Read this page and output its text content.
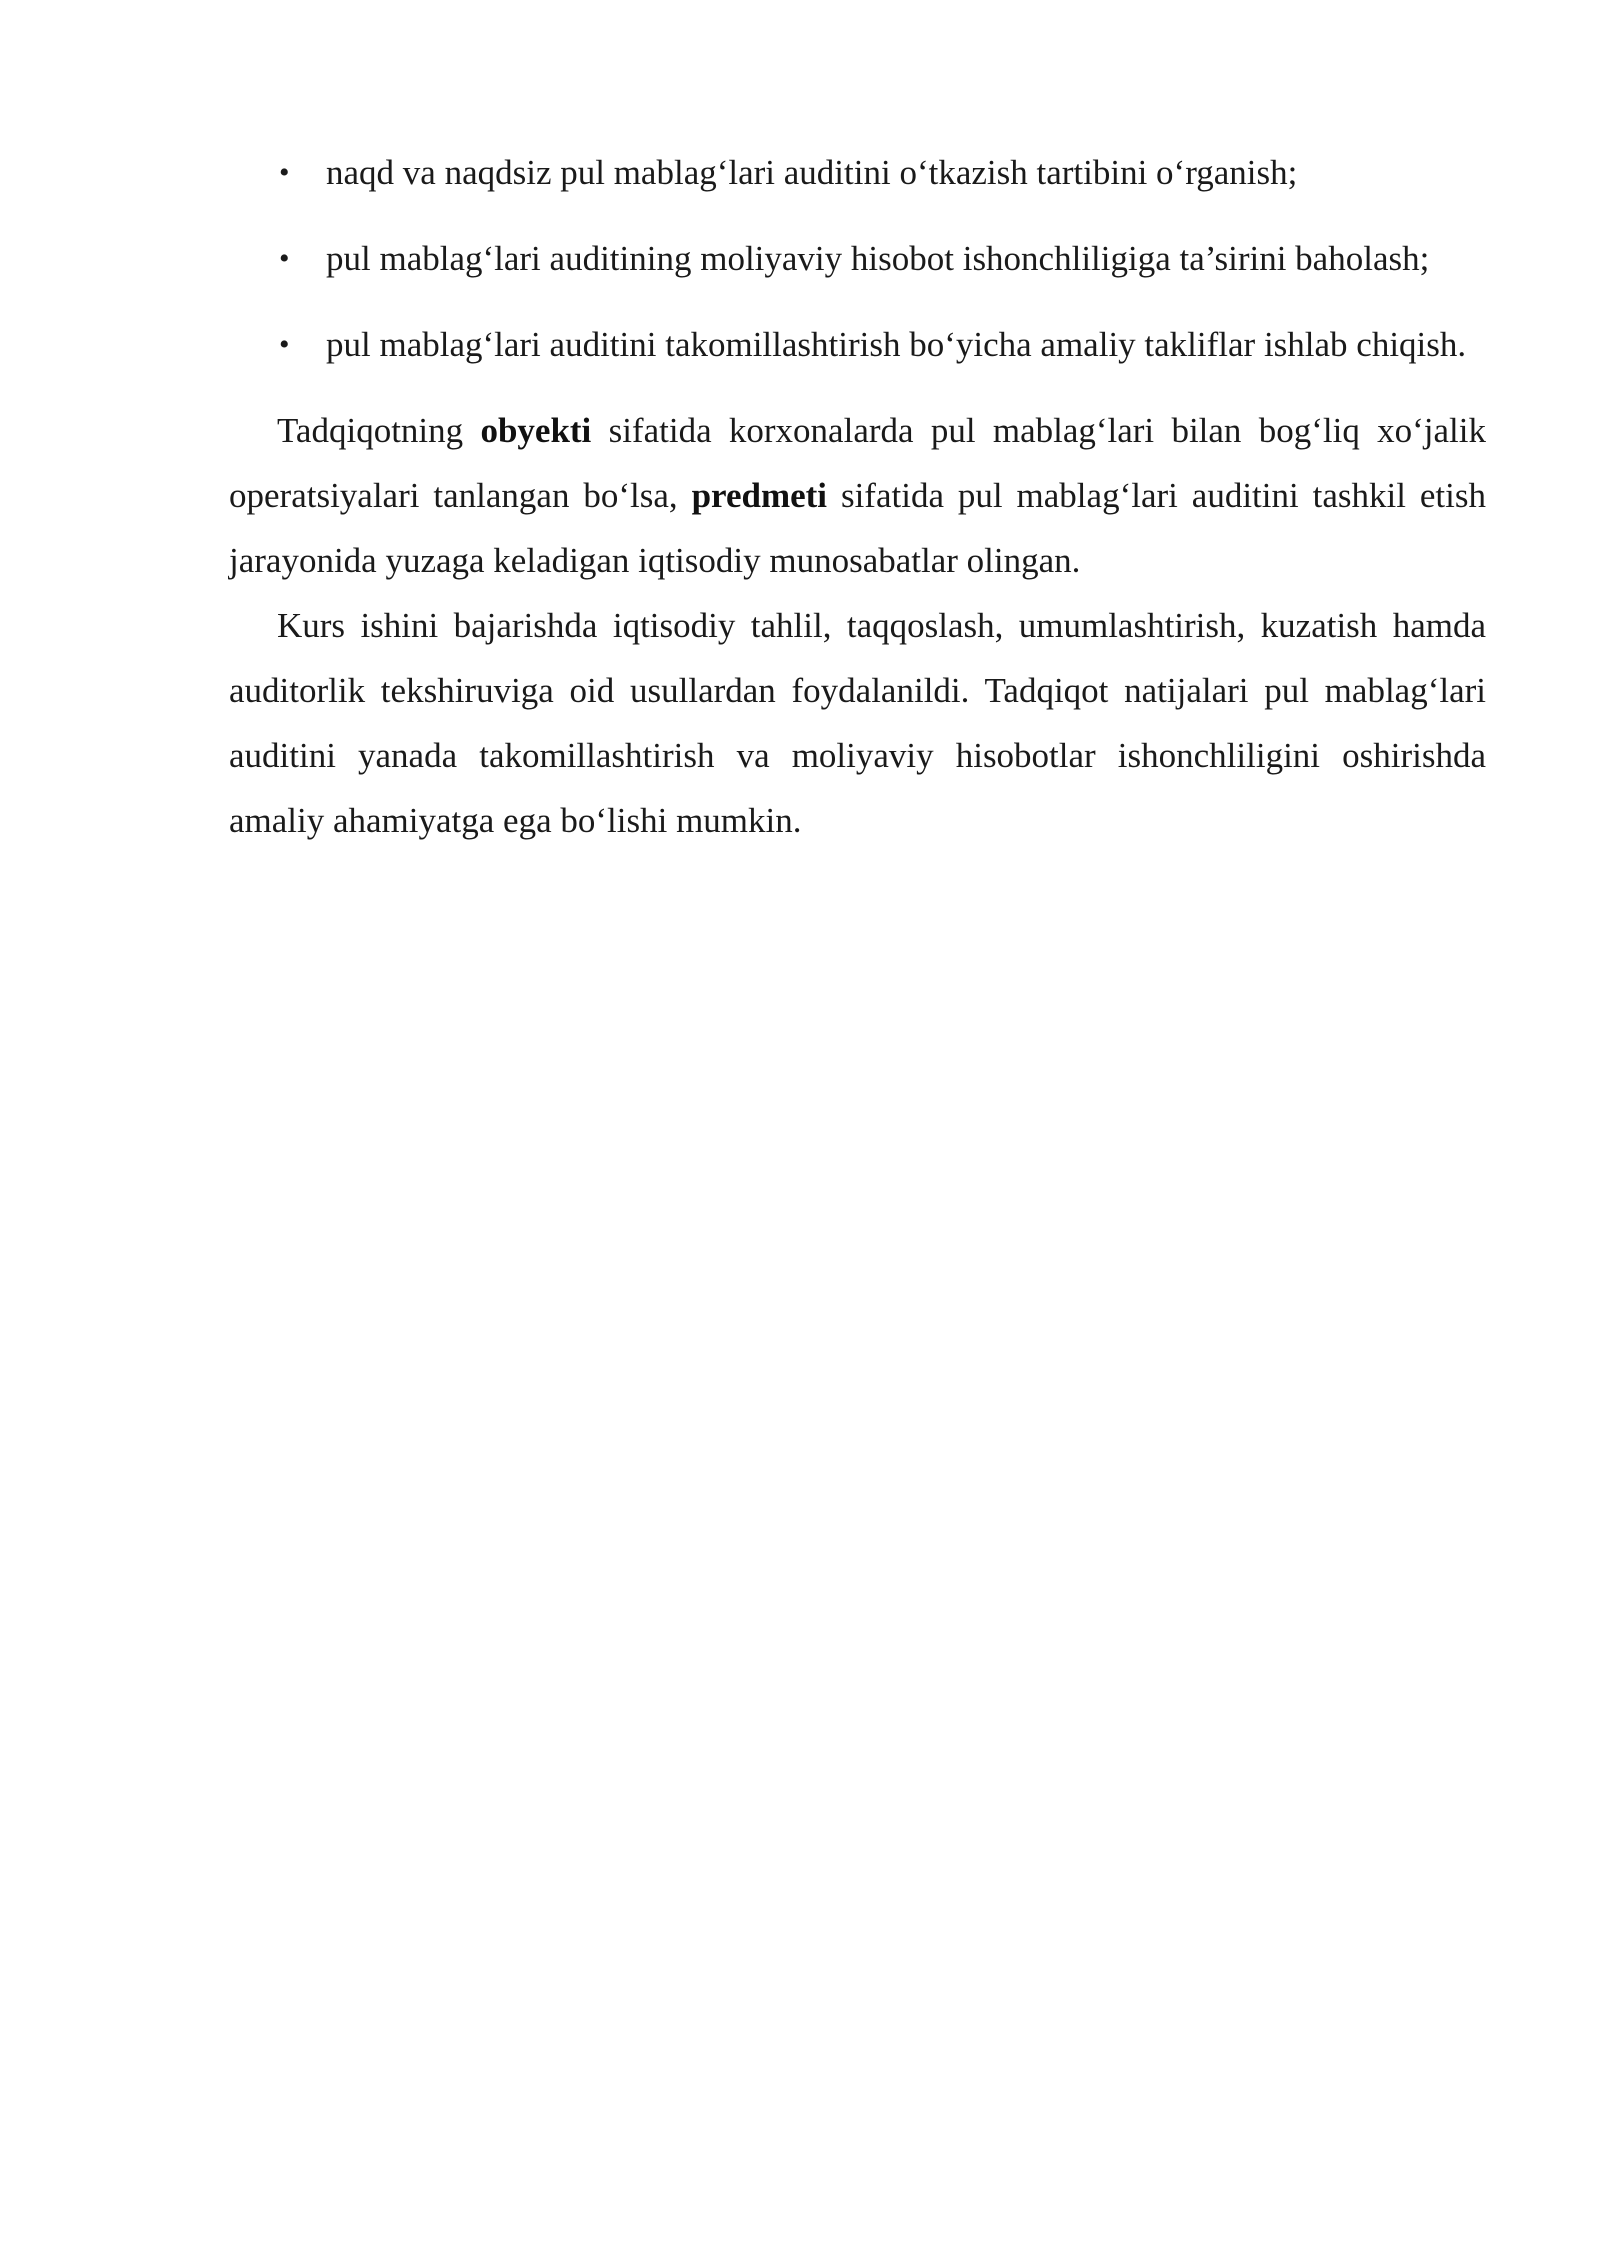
• naqd va naqdsiz pul mablag‘lari auditini o‘tkazish tartibini o‘rganish;
• pul mablag‘lari auditining moliyaviy hisobot ishonchliligiga ta’sirini baholash;
• pul mablag‘lari auditini takomillashtirish bo‘yicha amaliy takliflar ishlab chiqish.

Tadqiqotning obyekti sifatida korxonalarda pul mablag‘lari bilan bog‘liq xo‘jalik operatsiyalari tanlangan bo‘lsa, predmeti sifatida pul mablag‘lari auditini tashkil etish jarayonida yuzaga keladigan iqtisodiy munosabatlar olingan.

Kurs ishini bajarishda iqtisodiy tahlil, taqqoslash, umumlashtirish, kuzatish hamda auditorlik tekshiruviga oid usullardan foydalanildi. Tadqiqot natijalari pul mablag‘lari auditini yanada takomillashtirish va moliyaviy hisobotlar ishonchliligini oshirishda amaliy ahamiyatga ega bo‘lishi mumkin.
